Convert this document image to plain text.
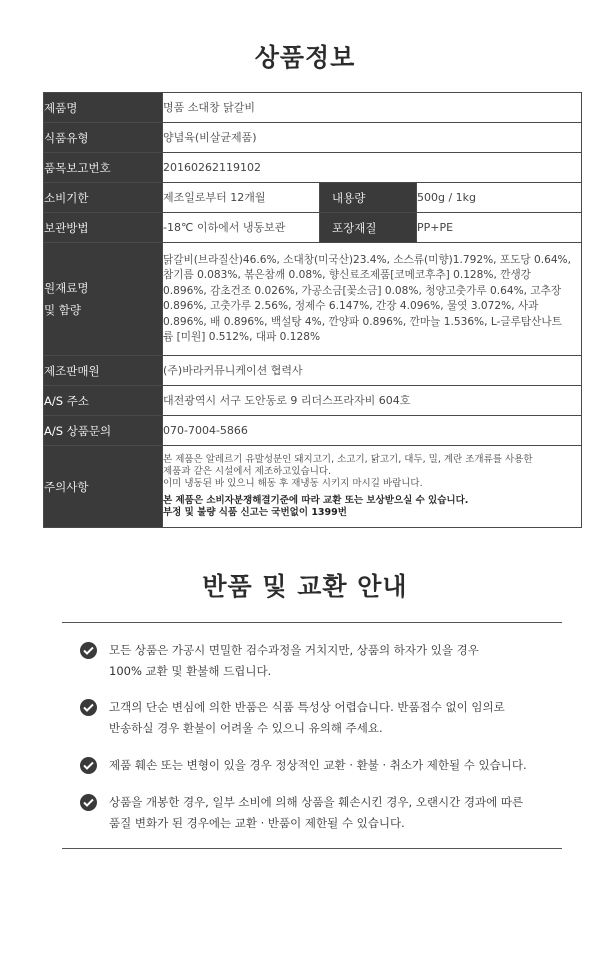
상품정보
제품명	명품 소대창 닭갈비		
식품유형	양념육(비살균제품)		
품목보고번호	20160262119102		
소비기한	제조일로부터 12개월	내용량	500g / 1kg
보관방법	-18℃ 이하에서 냉동보관	포장재질	PP+PE

원재료명
및 함량	닭갈비(브라질산)46.6%, 소대창(미국산)23.4%, 소스류(미향)1.792%, 포도당 0.64%, 참기름 0.083%, 볶은참깨 0.08%, 향신료조제품[코메코후추] 0.128%, 깐생강 0.896%, 감초건조 0.026%, 가공소금[꽃소금] 0.08%, 청양고춧가루 0.64%, 고추장 0.896%, 고춧가루 2.56%, 정제수 6.147%, 간장 4.096%, 물엿 3.072%, 사과 0.896%, 배 0.896%, 백설탕 4%, 깐양파 0.896%, 깐마늘 1.536%, L-글루탐산나트륨 [미원] 0.512%, 대파 0.128%		
제조판매원	(주)바라커뮤니케이션 협력사		
A/S 주소	대전광역시 서구 도안동로 9 리더스프라자비 604호		
A/S 상품문의	070-7004-5866		
주의사항	본 제품은 알레르기 유발성분인 돼지고기, 소고기, 닭고기, 대두, 밀, 계란 조개류를 사용한
제품과 같은 시설에서 제조하고있습니다.
이미 냉동된 바 있으니 해동 후 재냉동 시키지 마시길 바랍니다.
본 제품은 소비자분쟁해결기준에 따라 교환 또는 보상받으실 수 있습니다.
부정 및 불량 식품 신고는 국번없이 1399번		
반품 및 교환 안내
모든 상품은 가공시 면밀한 검수과정을 거치지만, 상품의 하자가 있을 경우
100% 교환 및 환불해 드립니다.
고객의 단순 변심에 의한 반품은 식품 특성상 어렵습니다. 반품접수 없이 임의로
반송하실 경우 환불이 어려울 수 있으니 유의해 주세요.
제품 훼손 또는 변형이 있을 경우 정상적인 교환 · 환불 · 취소가 제한될 수 있습니다.
상품을 개봉한 경우, 일부 소비에 의해 상품을 훼손시킨 경우, 오랜시간 경과에 따른
품질 변화가 된 경우에는 교환 · 반품이 제한될 수 있습니다.
